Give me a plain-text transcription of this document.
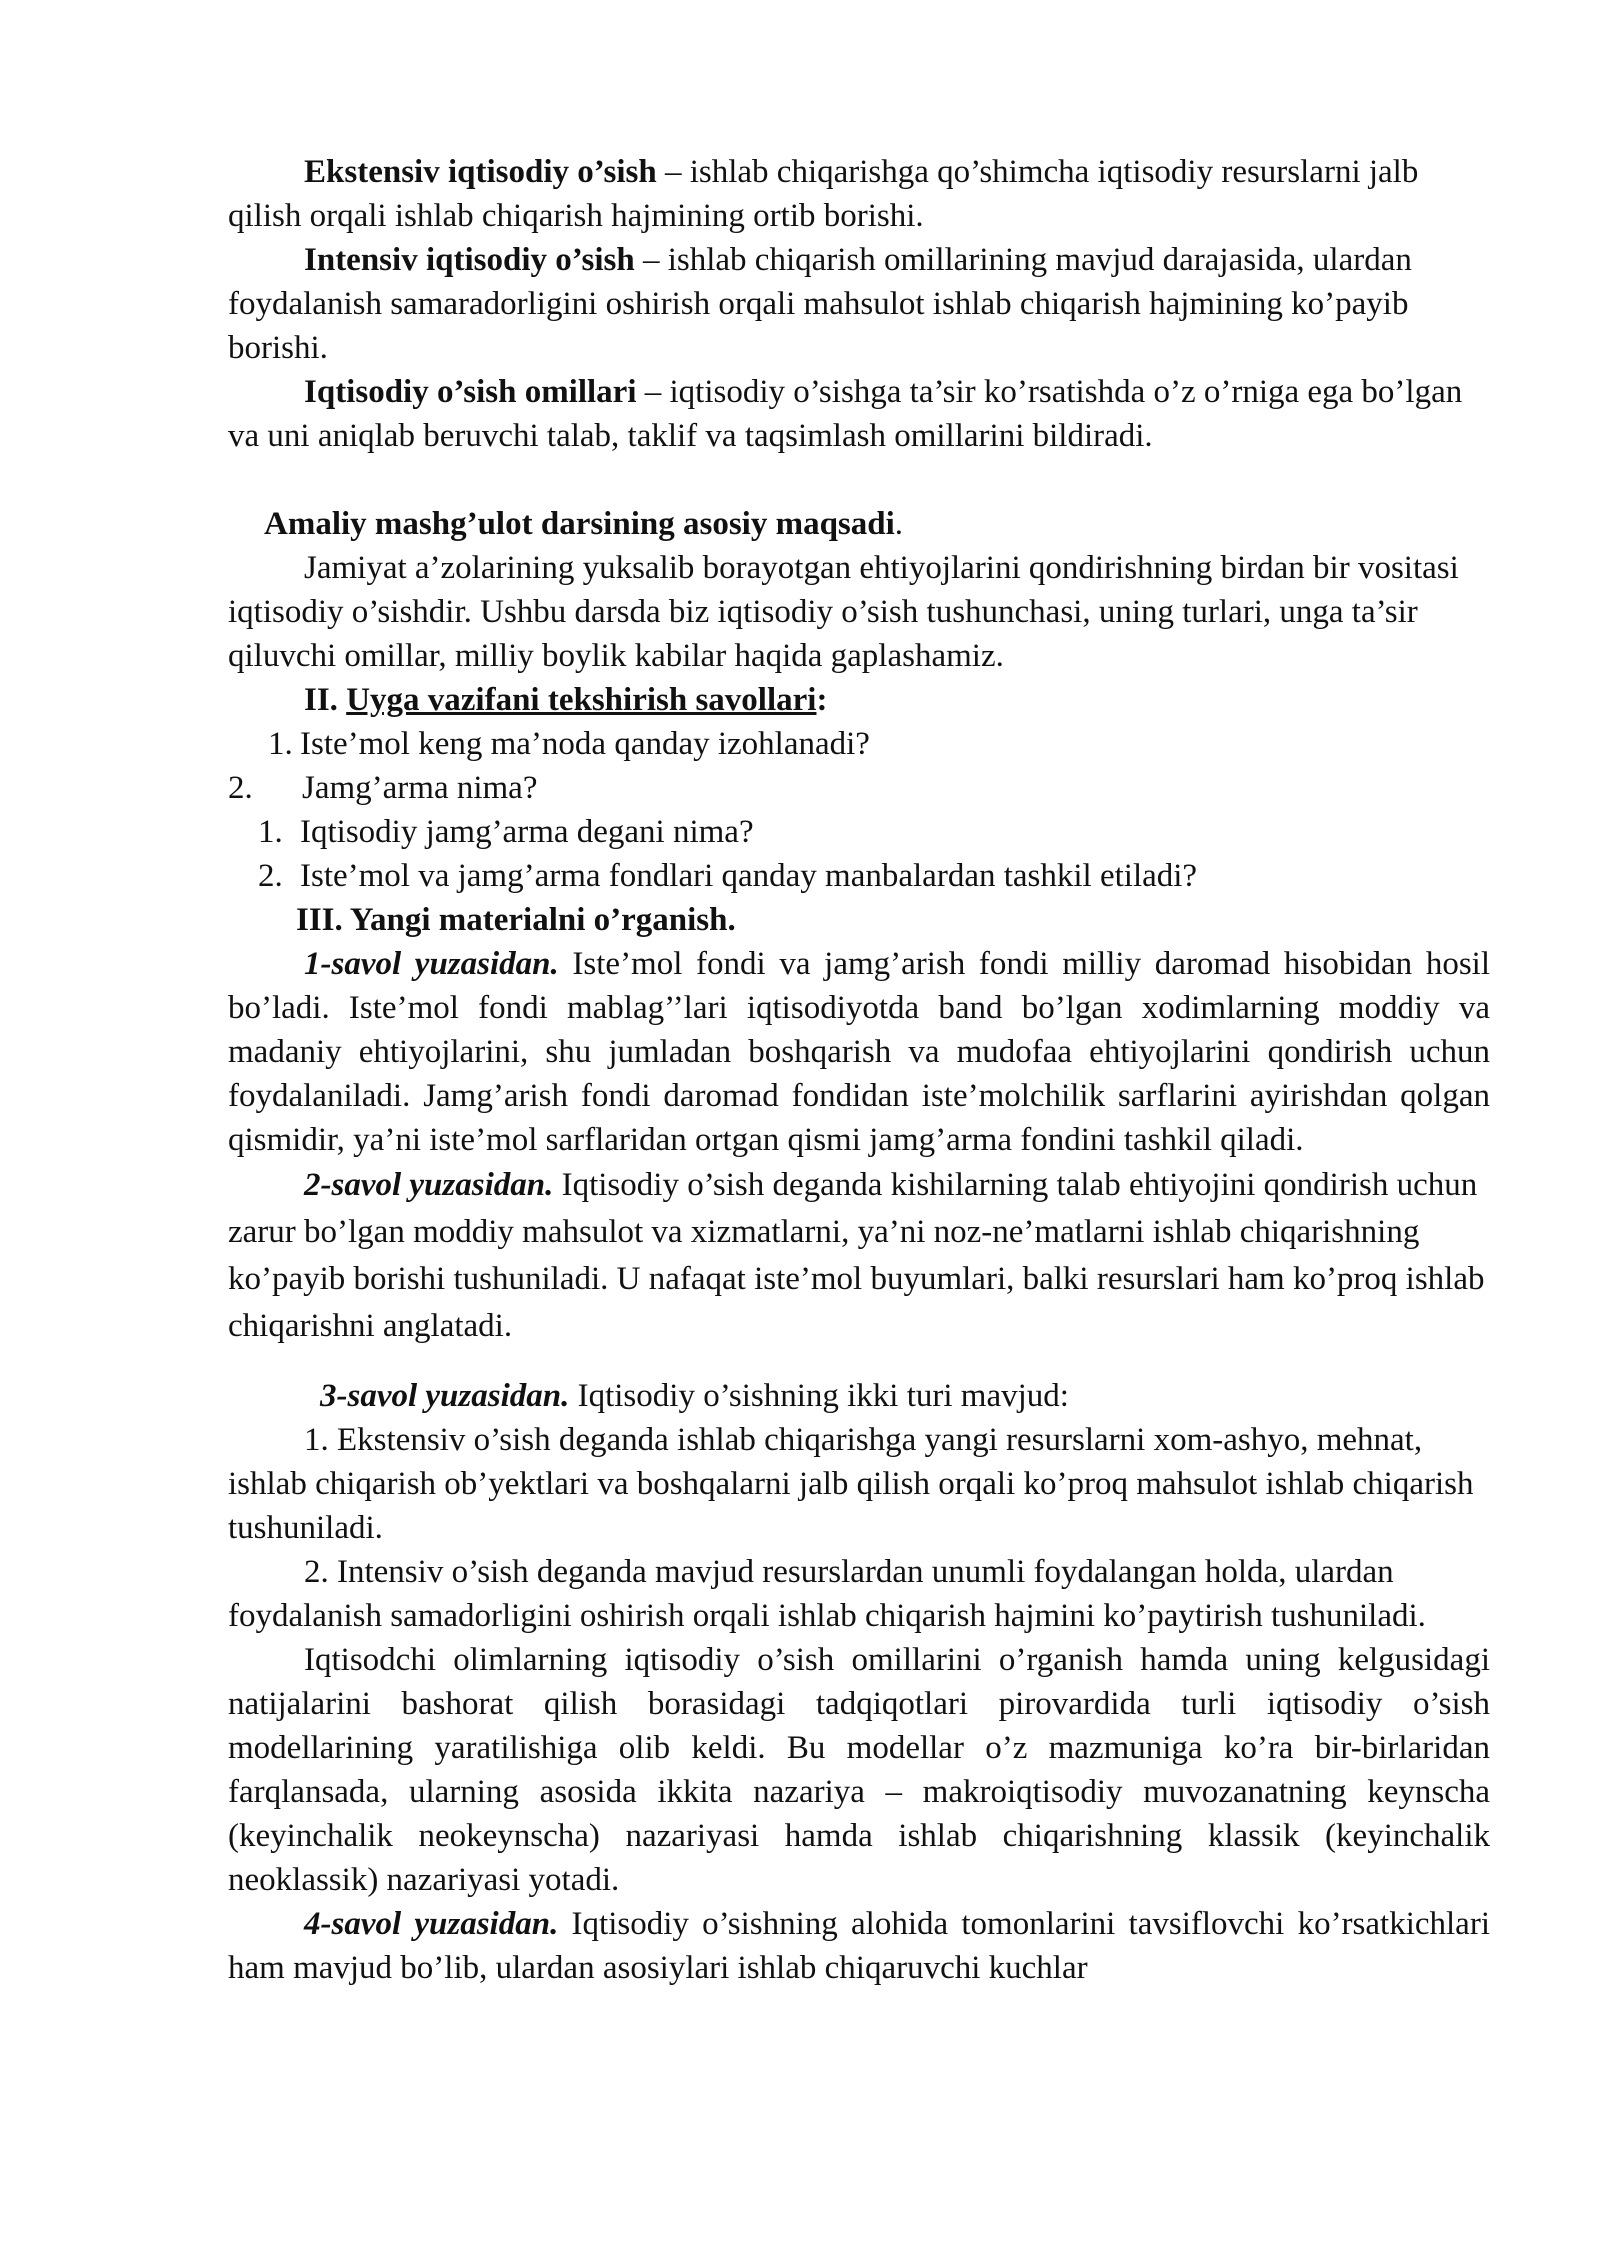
Ekstensiv iqtisodiy o’sish – ishlab chiqarishga qo’shimcha iqtisodiy resurslarni jalb qilish orqali ishlab chiqarish hajmining ortib borishi.

Intensiv iqtisodiy o’sish – ishlab chiqarish omillarining mavjud darajasida, ulardan foydalanish samaradorligini oshirish orqali mahsulot ishlab chiqarish hajmining ko’payib borishi.

Iqtisodiy o’sish omillari – iqtisodiy o’sishga ta’sir ko’rsatishda o’z o’rniga ega bo’lgan va uni aniqlab beruvchi talab, taklif va taqsimlash omillarini bildiradi.

Amaliy mashg’ulot darsining asosiy maqsadi.

Jamiyat a’zolarining yuksalib borayotgan ehtiyojlarini qondirishning birdan bir vositasi iqtisodiy o’sishdir. Ushbu darsda biz iqtisodiy o’sish tushunchasi, uning turlari, unga ta’sir qiluvchi omillar, milliy boylik kabilar haqida gaplashamiz.

II. Uyga vazifani tekshirish savollari:

1. Iste’mol keng ma’noda qanday izohlanadi?
2.	Jamg’arma nima?
1. Iqtisodiy jamg’arma degani nima?
2. Iste’mol va jamg’arma fondlari qanday manbalardan tashkil etiladi?

III. Yangi materialni o’rganish.

1-savol yuzasidan. Iste’mol fondi va jamg’arish fondi milliy daromad hisobidan hosil bo’ladi. Iste’mol fondi mablag’’lari iqtisodiyotda band bo’lgan xodimlarning moddiy va madaniy ehtiyojlarini, shu jumladan boshqarish va mudofaa ehtiyojlarini qondirish uchun foydalaniladi. Jamg’arish fondi daromad fondidan iste’molchilik sarflarini ayirishdan qolgan qismidir, ya’ni iste’mol sarflaridan ortgan qismi jamg’arma fondini tashkil qiladi.

2-savol yuzasidan. Iqtisodiy o’sish deganda kishilarning talab ehtiyojini qondirish uchun zarur bo’lgan moddiy mahsulot va xizmatlarni, ya’ni noz-ne’matlarni ishlab chiqarishning ko’payib borishi tushuniladi. U nafaqat iste’mol buyumlari, balki resurslari ham ko’proq ishlab chiqarishni anglatadi.

3-savol yuzasidan. Iqtisodiy o’sishning ikki turi mavjud:

1. Ekstensiv o’sish deganda ishlab chiqarishga yangi resurslarni xom-ashyo, mehnat, ishlab chiqarish ob’yektlari va boshqalarni jalb qilish orqali ko’proq mahsulot ishlab chiqarish tushuniladi.

2. Intensiv o’sish deganda mavjud resurslardan unumli foydalangan holda, ulardan foydalanish samadorligini oshirish orqali ishlab chiqarish hajmini ko’paytirish tushuniladi.

Iqtisodchi olimlarning iqtisodiy o’sish omillarini o’rganish hamda uning kelgusidagi natijalarini bashorat qilish borasidagi tadqiqotlari pirovardida turli iqtisodiy o’sish modellarining yaratilishiga olib keldi. Bu modellar o’z mazmuniga ko’ra bir-birlaridan farqlansada, ularning asosida ikkita nazariya – makroiqtisodiy muvozanatning keynscha (keyinchalik neokeynscha) nazariyasi hamda ishlab chiqarishning klassik (keyinchalik neoklassik) nazariyasi yotadi.

4-savol yuzasidan. Iqtisodiy o’sishning alohida tomonlarini tavsiflovchi ko’rsatkichlari ham mavjud bo’lib, ulardan asosiylari ishlab chiqaruvchi kuchlar
